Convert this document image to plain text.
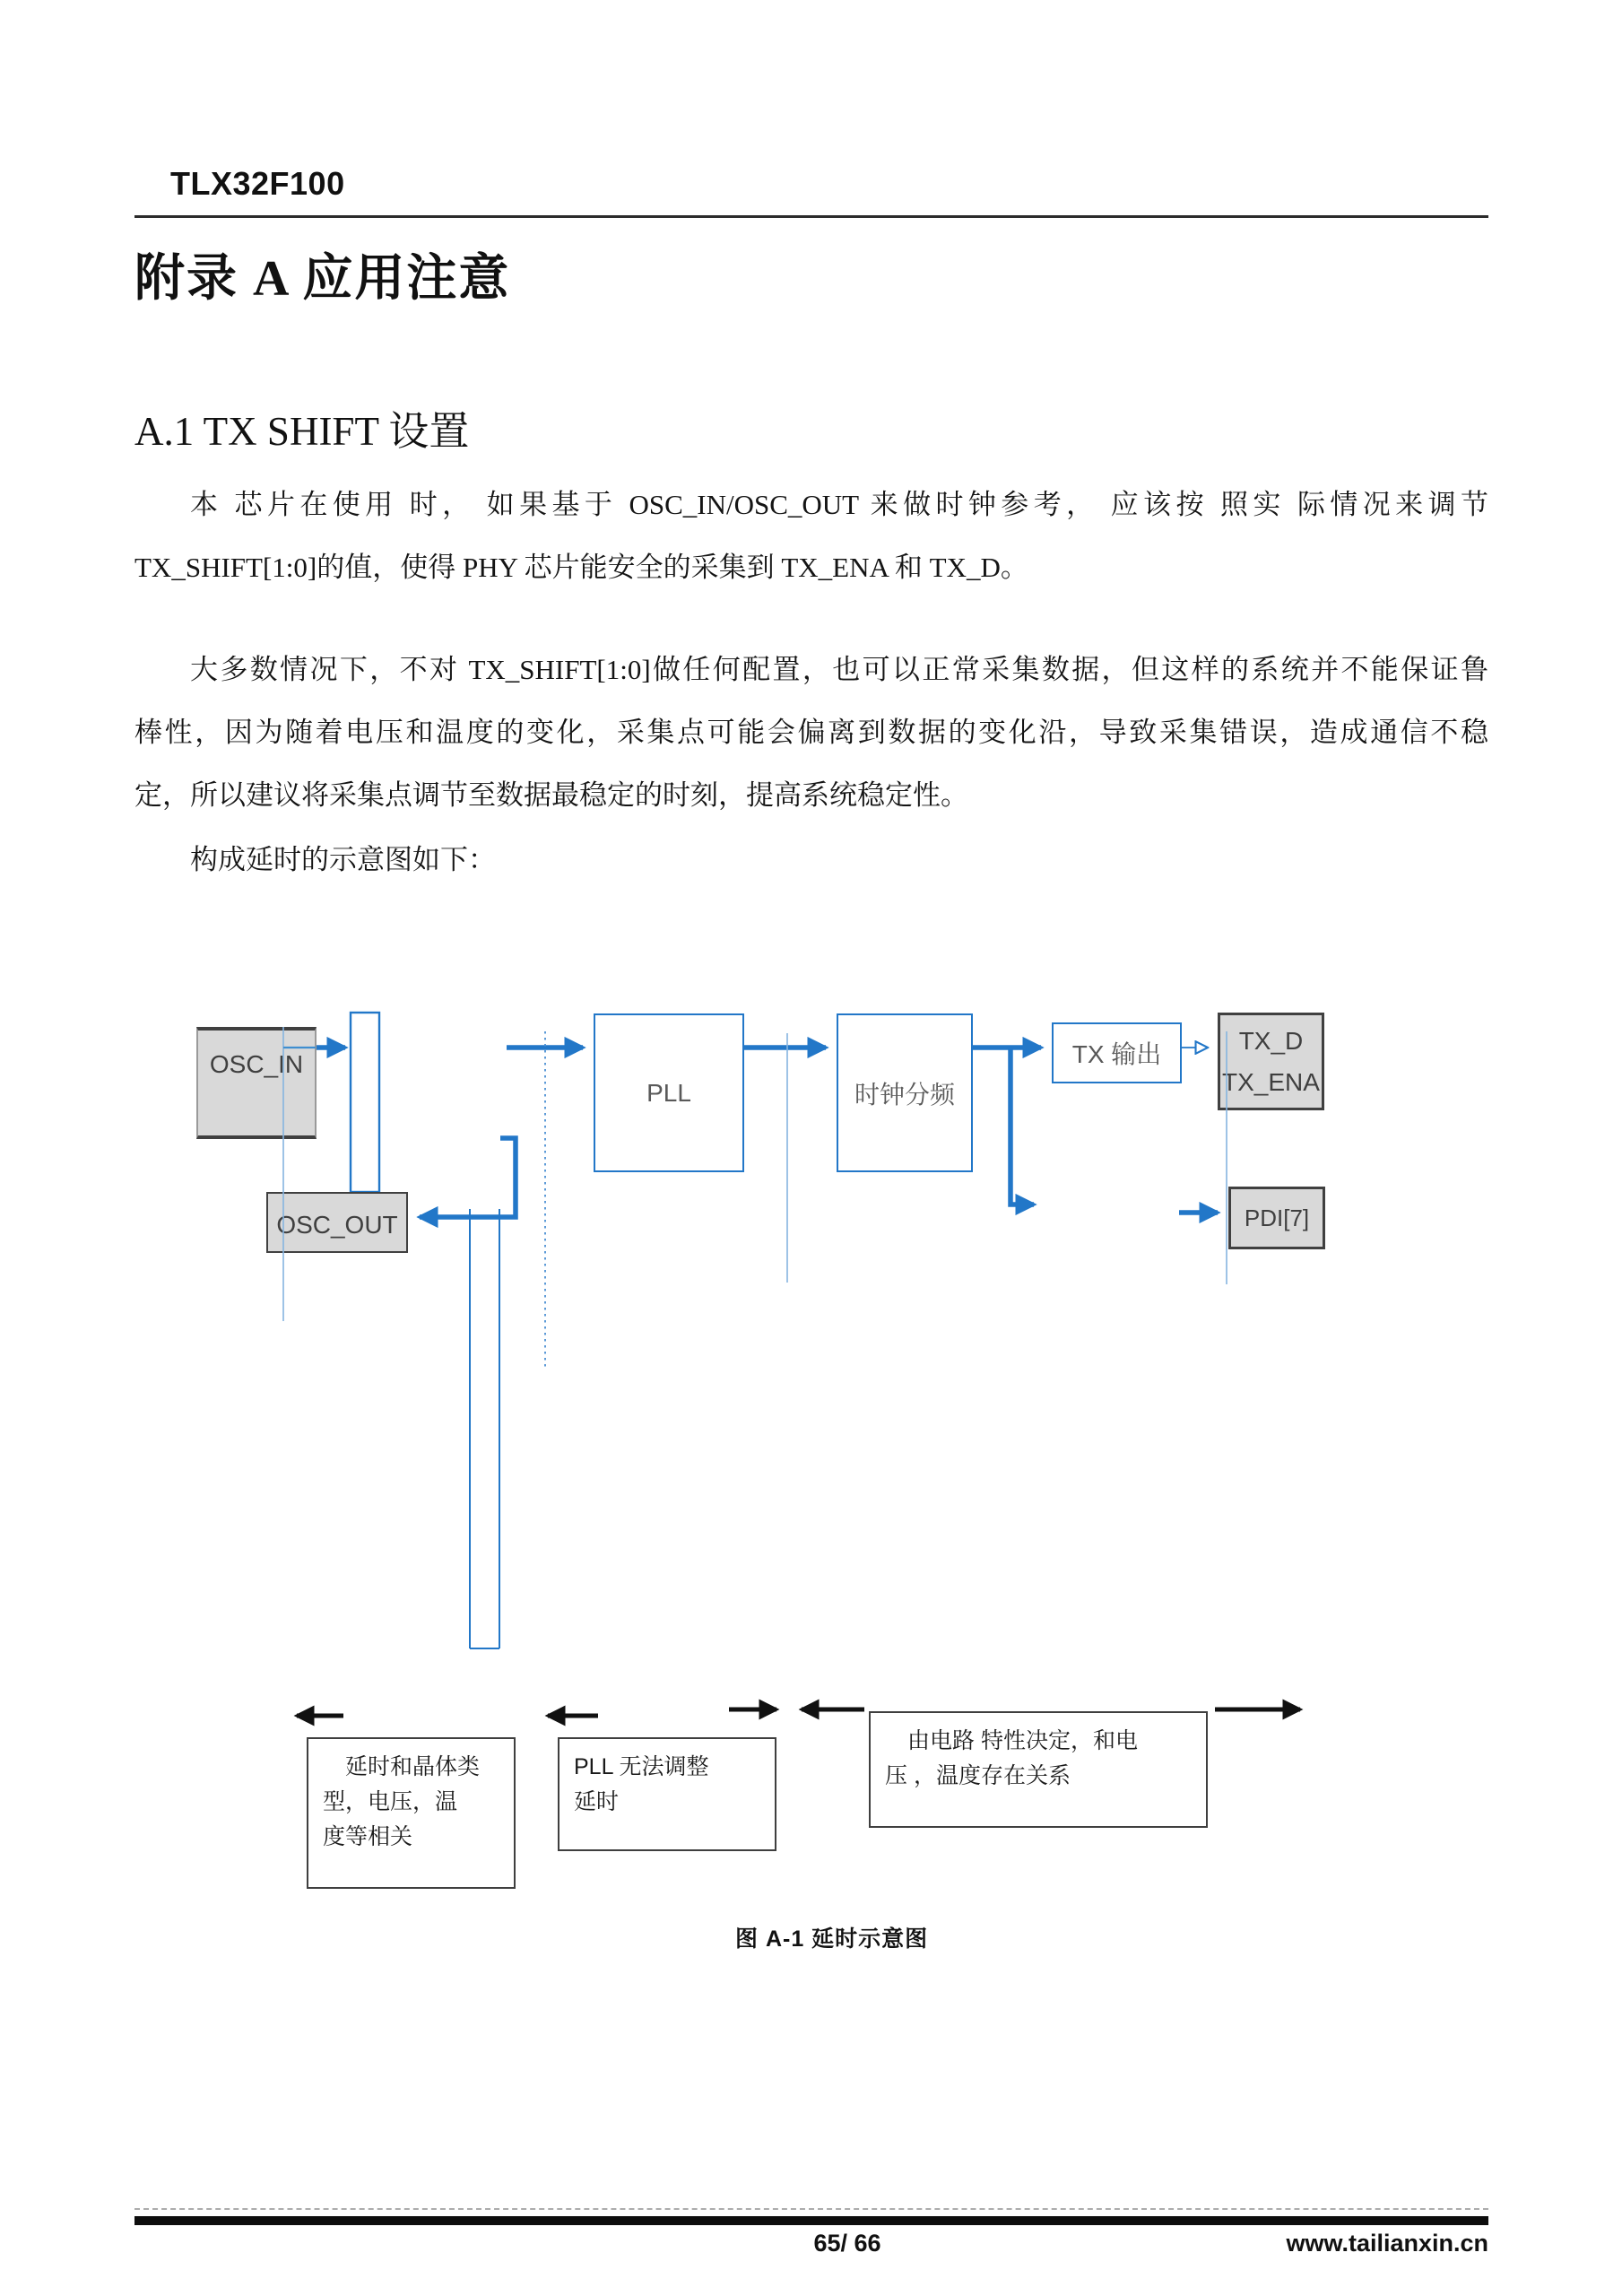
TLX32F100
附录 A 应用注意
A.1 TX SHIFT 设置
本 芯片在使用 时， 如果基于 OSC_IN/OSC_OUT 来做时钟参考， 应该按 照实 际情况来调节
TX_SHIFT[1:0]的值，使得 PHY 芯片能安全的采集到 TX_ENA 和 TX_D。
大多数情况下，不对 TX_SHIFT[1:0]做任何配置，也可以正常采集数据，但这样的系统并不能保证鲁
棒性，因为随着电压和温度的变化，采集点可能会偏离到数据的变化沿，导致采集错误，造成通信不稳
定，所以建议将采集点调节至数据最稳定的时刻，提高系统稳定性。
构成延时的示意图如下：
OSC_IN
OSC_OUT
PLL	时钟分频
TX 输出	TX_D
TX_ENA
PDI[7]
延时和晶体类
型，电压，温
度等相关
PLL 无法调整
延时
由电路 特性决定，和电
压 ，温度存在关系
图 A-1 延时示意图
65/ 66	www.tailianxin.cn
